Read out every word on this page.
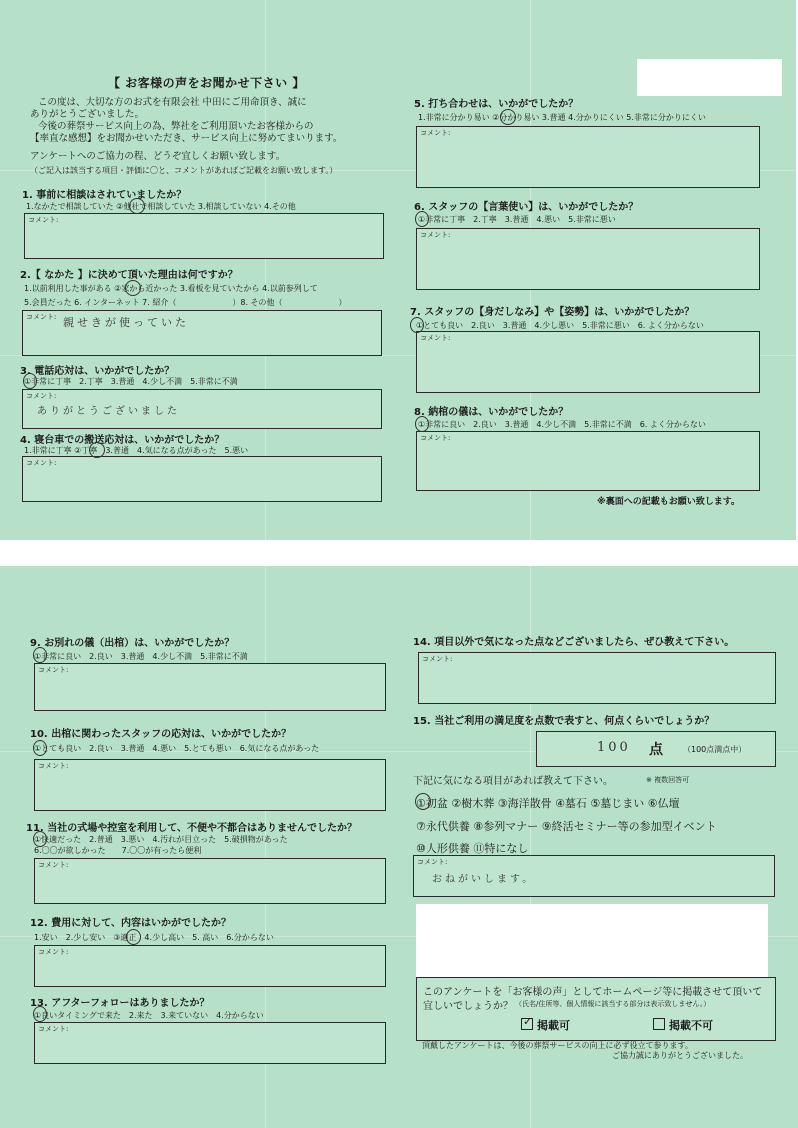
【 お客様の声をお聞かせ下さい 】
この度は、大切な方のお式を有限会社 中田にご用命頂き、誠に
ありがとうございました。
今後の葬祭サービス向上の為、弊社をご利用頂いたお客様からの
【率直な感想】をお聞かせいただき、サービス向上に努めてまいります。
アンケートへのご協力の程、どうぞ宜しくお願い致します。
（ご記入は該当する項目・評価に〇と、コメントがあればご記載をお願い致します。）
1. 事前に相談はされていましたか？
1.なかたで相談していた ②他社で相談していた 3.相談していない 4.その他
コメント:
2.【 なかた 】に決めて頂いた理由は何ですか？
1.以前利用した事がある ②家から近かった 3.看板を見ていたから 4.以前参列して
5.会員だった 6. インターネット 7. 紹介（　　　　　　　）8. その他（　　　　　　　）
コメント: 親せきが使っていた
3. 電話応対は、いかがでしたか？
①非常に丁寧　2.丁寧　3.普通　4.少し不満　5.非常に不満
コメント:
ありがとうございました
4. 寝台車での搬送応対は、いかがでしたか？
1.非常に丁寧 ②丁寧　3.普通　4.気になる点があった　5.悪い
コメント:
5. 打ち合わせは、いかがでしたか？
1.非常に分かり易い ②分かり易い 3.普通 4.分かりにくい 5.非常に分かりにくい
コメント:
6. スタッフの【言葉使い】は、いかがでしたか？
①非常に丁寧　2.丁寧　3.普通　4.悪い　5.非常に悪い
コメント:
7. スタッフの【身だしなみ】や【姿勢】は、いかがでしたか？
①とても良い　2.良い　3.普通　4.少し悪い　5.非常に悪い　6. よく分からない
コメント:
8. 納棺の儀は、いかがでしたか？
①非常に良い　2.良い　3.普通　4.少し不満　5.非常に不満　6. よく分からない
コメント:
※裏面への記載もお願い致します。
9. お別れの儀（出棺）は、いかがでしたか？
①非常に良い　2.良い　3.普通　4.少し不満　5.非常に不満
コメント:
10. 出棺に関わったスタッフの応対は、いかがでしたか？
①とても良い　2.良い　3.普通　4.悪い　5.とても悪い　6.気になる点があった
コメント:
11. 当社の式場や控室を利用して、不便や不都合はありませんでしたか？
①快適だった　2.普通　3.悪い　4.汚れが目立った　5.破損物があった
6.〇〇が欲しかった　　7.〇〇が有ったら便利
コメント:
12. 費用に対して、内容はいかがでしたか？
1.安い　2.少し安い　③適正　4.少し高い　5. 高い　6.分からない
コメント:
13. アフターフォローはありましたか？
①良いタイミングで来た　2.来た　3.来ていない　4.分からない
コメント:
14. 項目以外で気になった点などございましたら、ぜひ教えて下さい。
コメント:
15. 当社ご利用の満足度を点数で表すと、何点くらいでしょうか？
100 点	（100点満点中）
下記に気になる項目があれば教えて下さい。	※ 複数回答可
①初盆 ②樹木葬 ③海洋散骨 ④墓石 ⑤墓じまい ⑥仏壇
⑦永代供養 ⑧参列マナー ⑨終活セミナー等の参加型イベント
⑩人形供養 ⑪特になし
コメント:
おねがいします。
このアンケートを「お客様の声」としてホームページ等に掲載させて頂いて
宜しいでしょうか？ （氏名/住所等、個人情報に該当する部分は表示致しません。）
✓掲載可	掲載不可
頂戴したアンケートは、今後の葬祭サービスの向上に必ず役立て参ります。
ご協力誠にありがとうございました。
